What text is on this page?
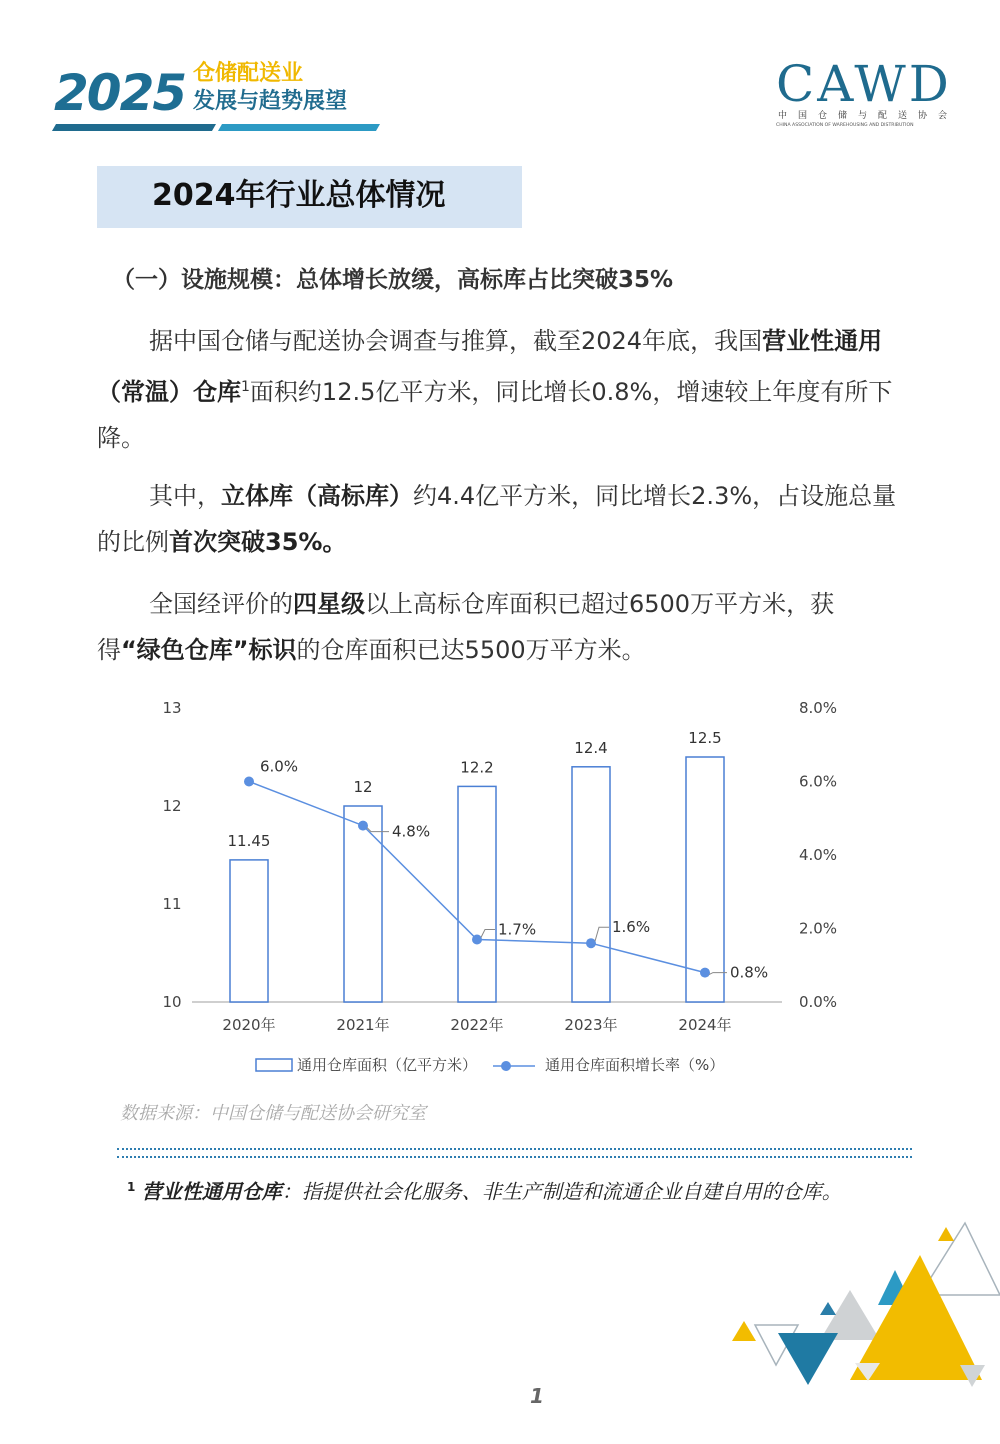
2025 仓储配送业
发展与趋势展望	CAWD
中国仓储与配送协会
CHINA ASSOCIATION OF WAREHOUSING AND DISTRIBUTION
2024年行业总体情况
（一）设施规模：总体增长放缓，高标库占比突破35%

据中国仓储与配送协会调查与推算，截至2024年底，我国营业性通用（常温）仓库$^1$面积约12.5亿平方米，同比增长0.8%，增速较上年度有所下降。

其中，立体库（高标库）约4.4亿平方米，同比增长2.3%，占设施总量的比例首次突破35%。

全国经评价的四星级以上高标仓库面积已超过6500万平方米，获得“绿色仓库”标识的仓库面积已达5500万平方米。

10
11
12
13
0.0%
2.0%
4.0%
6.0%
8.0%
11.45
2020年
12
2021年
12.2
2022年
12.4
2023年
12.5
2024年
6.0%
4.8%
1.7%	1.6%
0.8%
通用仓库面积（亿平方米）	通用仓库面积增长率（%）
数据来源：中国仓储与配送协会研究室
$^1$ 营业性通用仓库：指提供社会化服务、非生产制造和流通企业自建自用的仓库。
1
